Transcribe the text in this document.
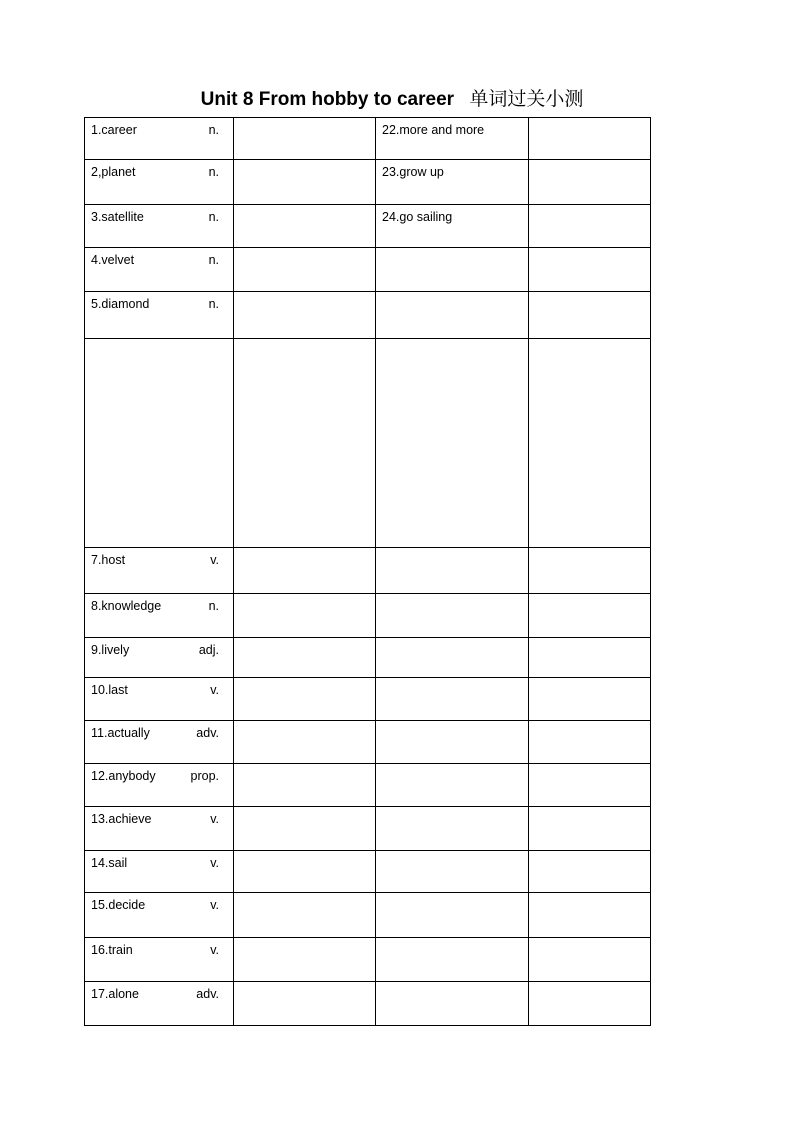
Unit 8 From hobby to career 单词过关小测
1.career n.		22.more and more	

2,planet n.		23.grow up	

3.satellite n.		24.go sailing	

4.velvet n.			

5.diamond n.			

7.host v.			

8.knowledge n.			

9.lively adj.			

10.last v.			

11.actually adv.			

12.anybody prop.			

13.achieve v.			

14.sail v.			

15.decide v.			

16.train v.			

17.alone adv.			
